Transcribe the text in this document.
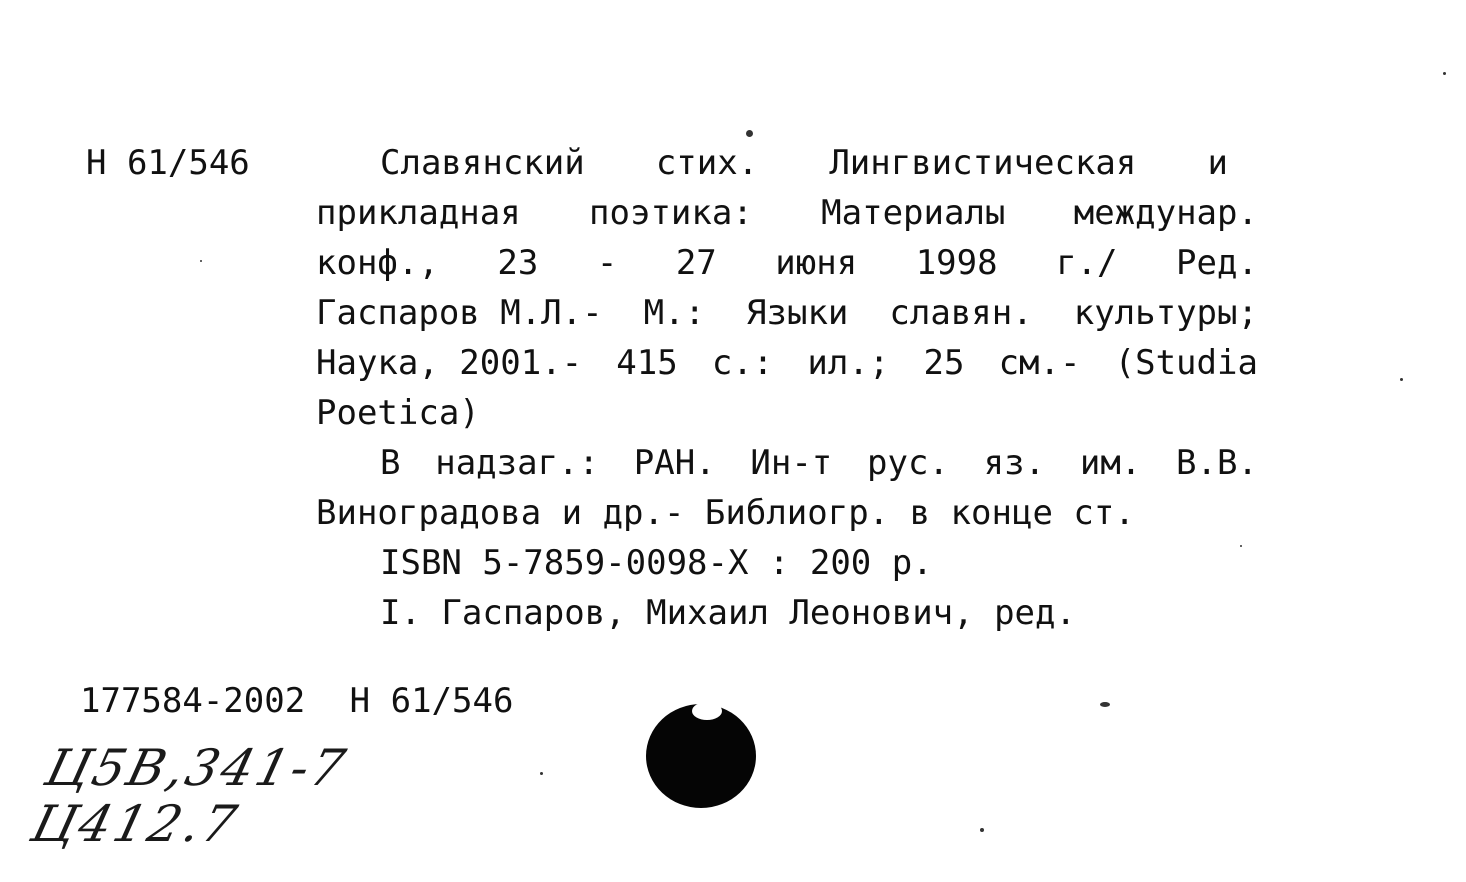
Н 61/546	Славянский стих. Лингвистическая и
прикладная поэтика: Материалы междунар.
конф., 23 - 27 июня 1998 г./ Ред.
Гаспаров М.Л.- М.: Языки славян. культуры;
Наука, 2001.- 415 с.: ил.; 25 см.- (Studia
Poetica)
В надзаг.: РАН. Ин-т рус. яз. им. В.В.
Виноградова и др.- Библиогр. в конце ст.
ISBN 5-7859-0098-X : 200 р.
I. Гаспаров, Михаил Леонович, ред.
177584-2002 Н 61/546
Ц5В,341-7
Ц412.7
